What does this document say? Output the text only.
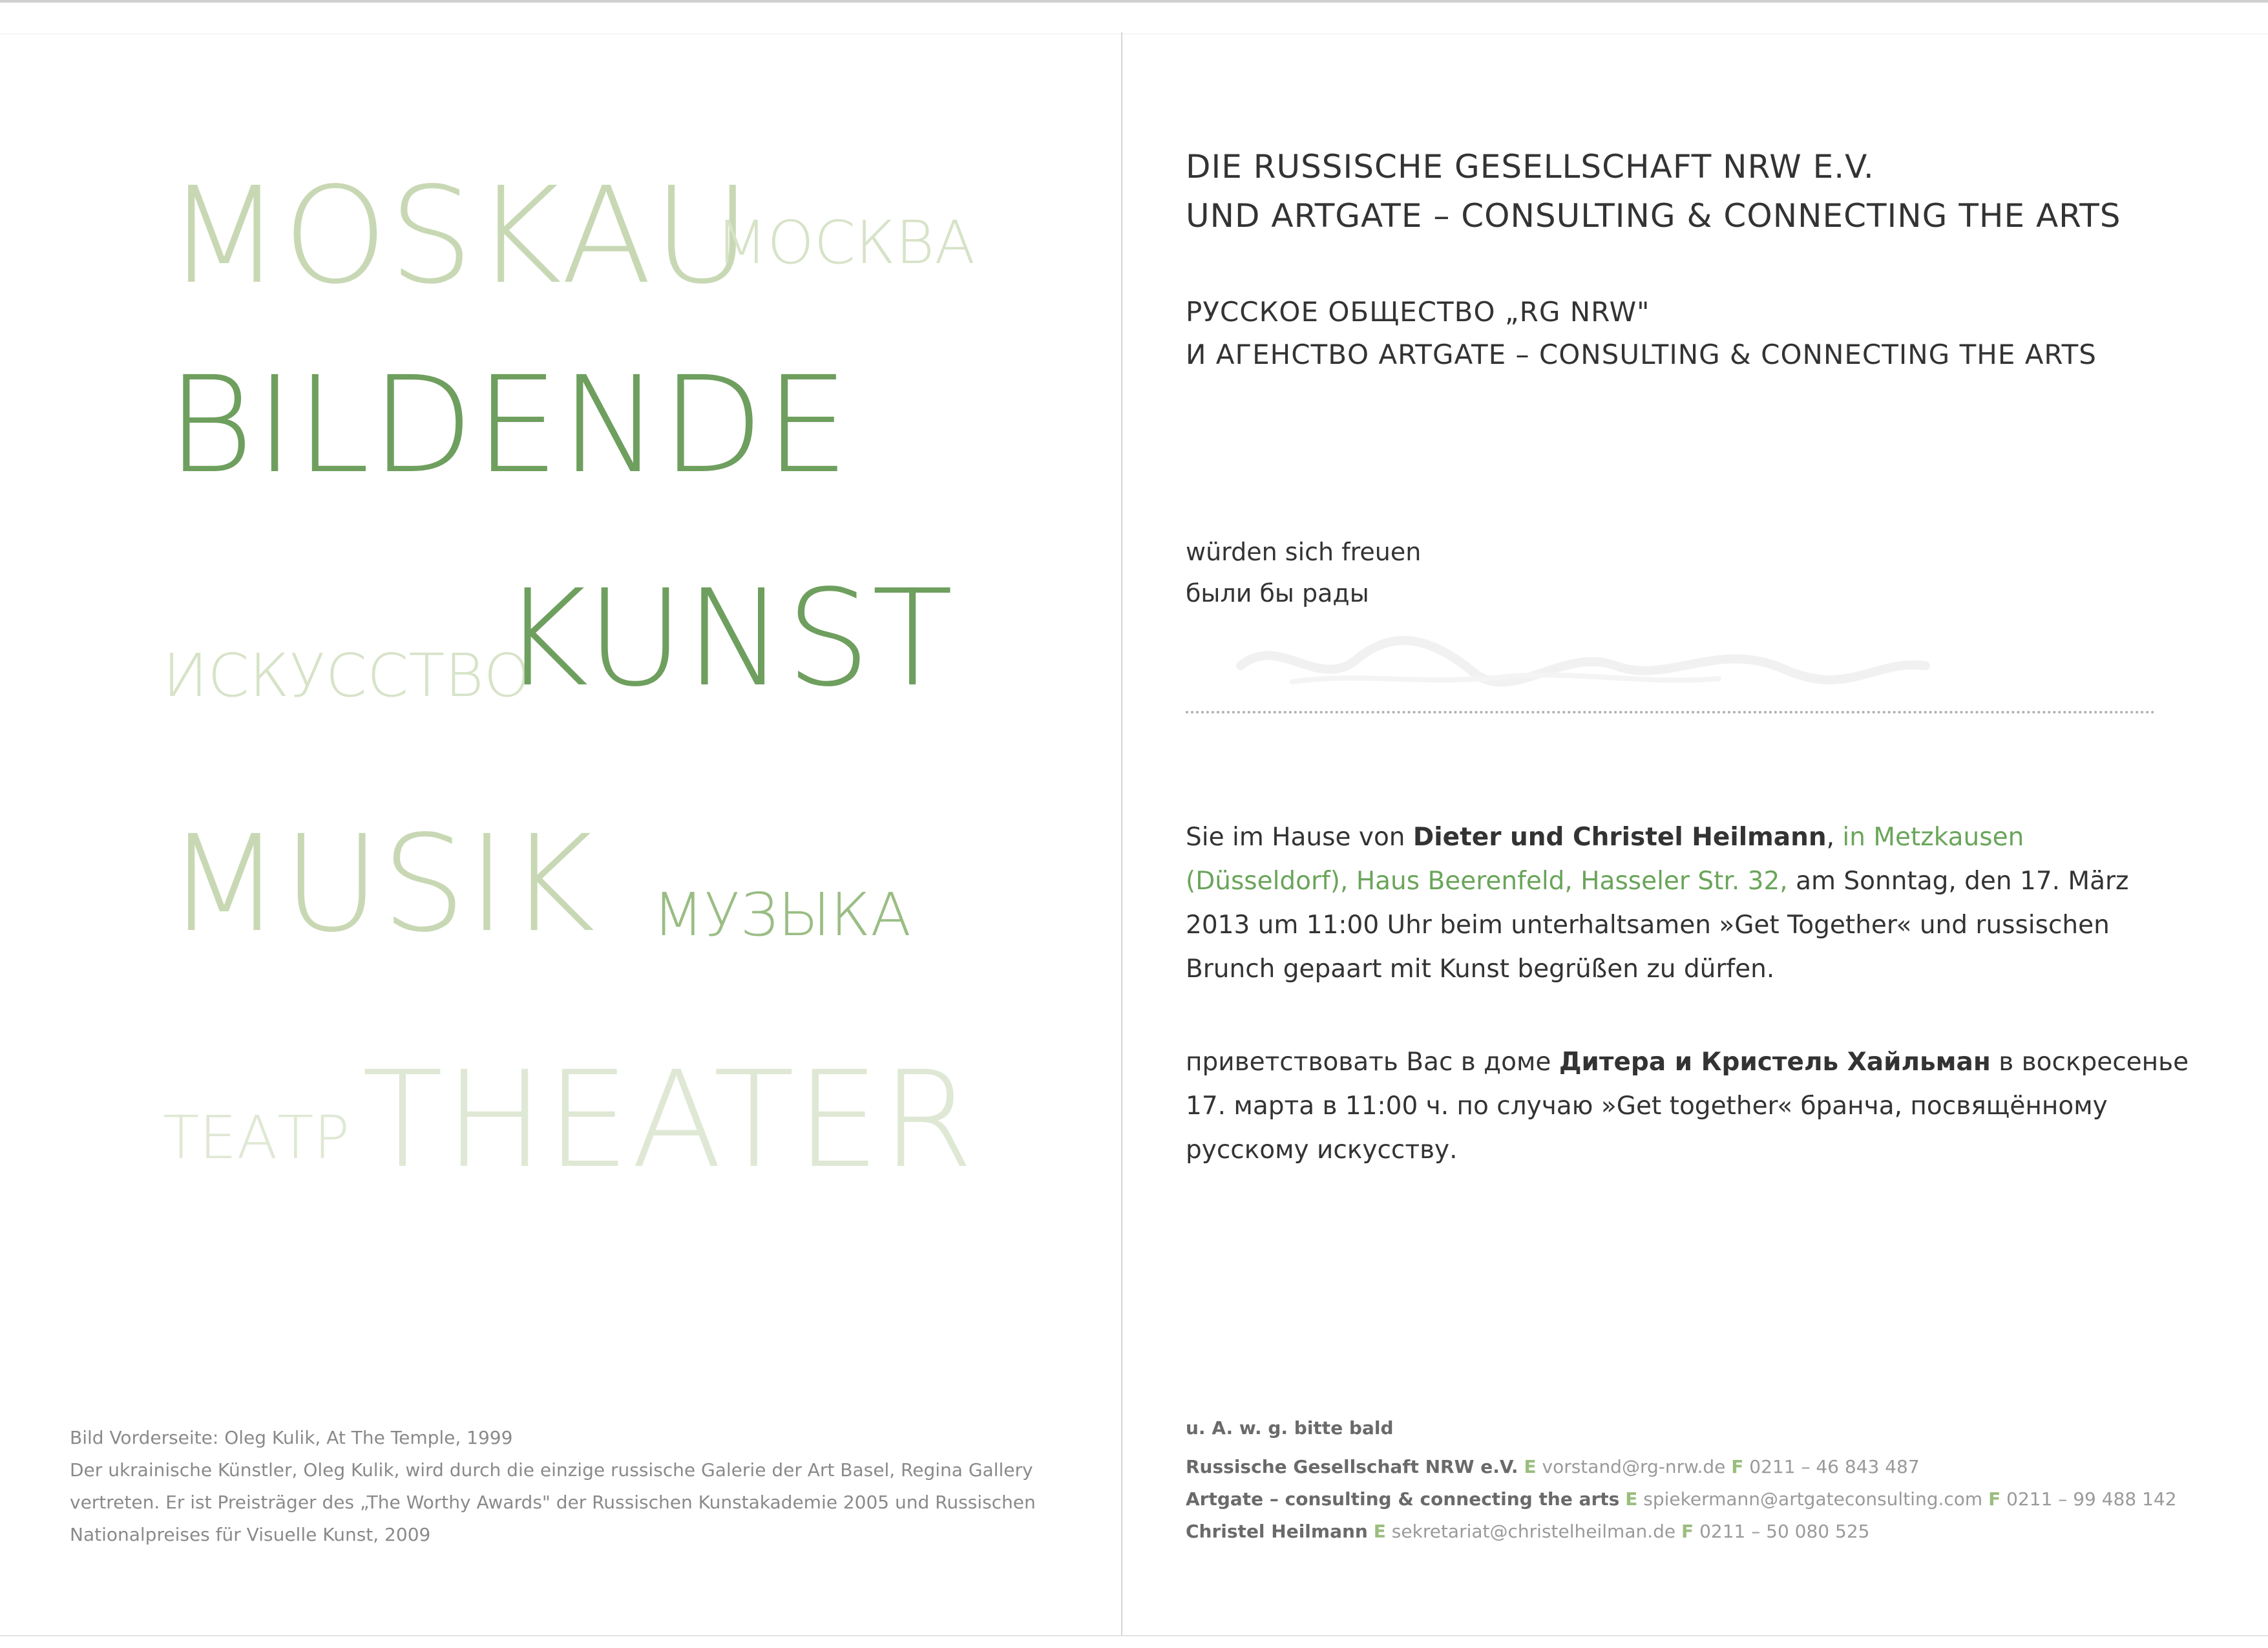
MOSKAU
МОСКВА
BILDENDE
ИСКУССТВО
KUNST
MUSIK МУЗЫКА
ТЕАТР THEATER
Bild Vorderseite: Oleg Kulik, At The Temple, 1999
Der ukrainische Künstler, Oleg Kulik, wird durch die einzige russische Galerie der Art Basel, Regina Gallery
vertreten. Er ist Preisträger des „The Worthy Awards" der Russischen Kunstakademie 2005 und Russischen
Nationalpreises für Visuelle Kunst, 2009
DIE RUSSISCHE GESELLSCHAFT NRW E.V.
UND ARTGATE – CONSULTING & CONNECTING THE ARTS
РУССКОЕ ОБЩЕСТВО „RG NRW"
И АГЕНСТВО ARTGATE – CONSULTING & CONNECTING THE ARTS
würden sich freuen
были бы рады
Sie im Hause von Dieter und Christel Heilmann, in Metzkausen
(Düsseldorf), Haus Beerenfeld, Hasseler Str. 32, am Sonntag, den 17. März
2013 um 11:00 Uhr beim unterhaltsamen »Get Together« und russischen
Brunch gepaart mit Kunst begrüßen zu dürfen.
приветствовать Вас в доме Дитера и Кристель Хайльман в воскресенье
17. марта в 11:00 ч. по случаю »Get together« бранча, посвящённому
русскому искусству.
u. A. w. g. bitte bald
Russische Gesellschaft NRW e.V. E vorstand@rg-nrw.de F 0211 – 46 843 487
Artgate – consulting & connecting the arts E spiekermann@artgateconsulting.com F 0211 – 99 488 142
Christel Heilmann E sekretariat@christelheilman.de F 0211 – 50 080 525
